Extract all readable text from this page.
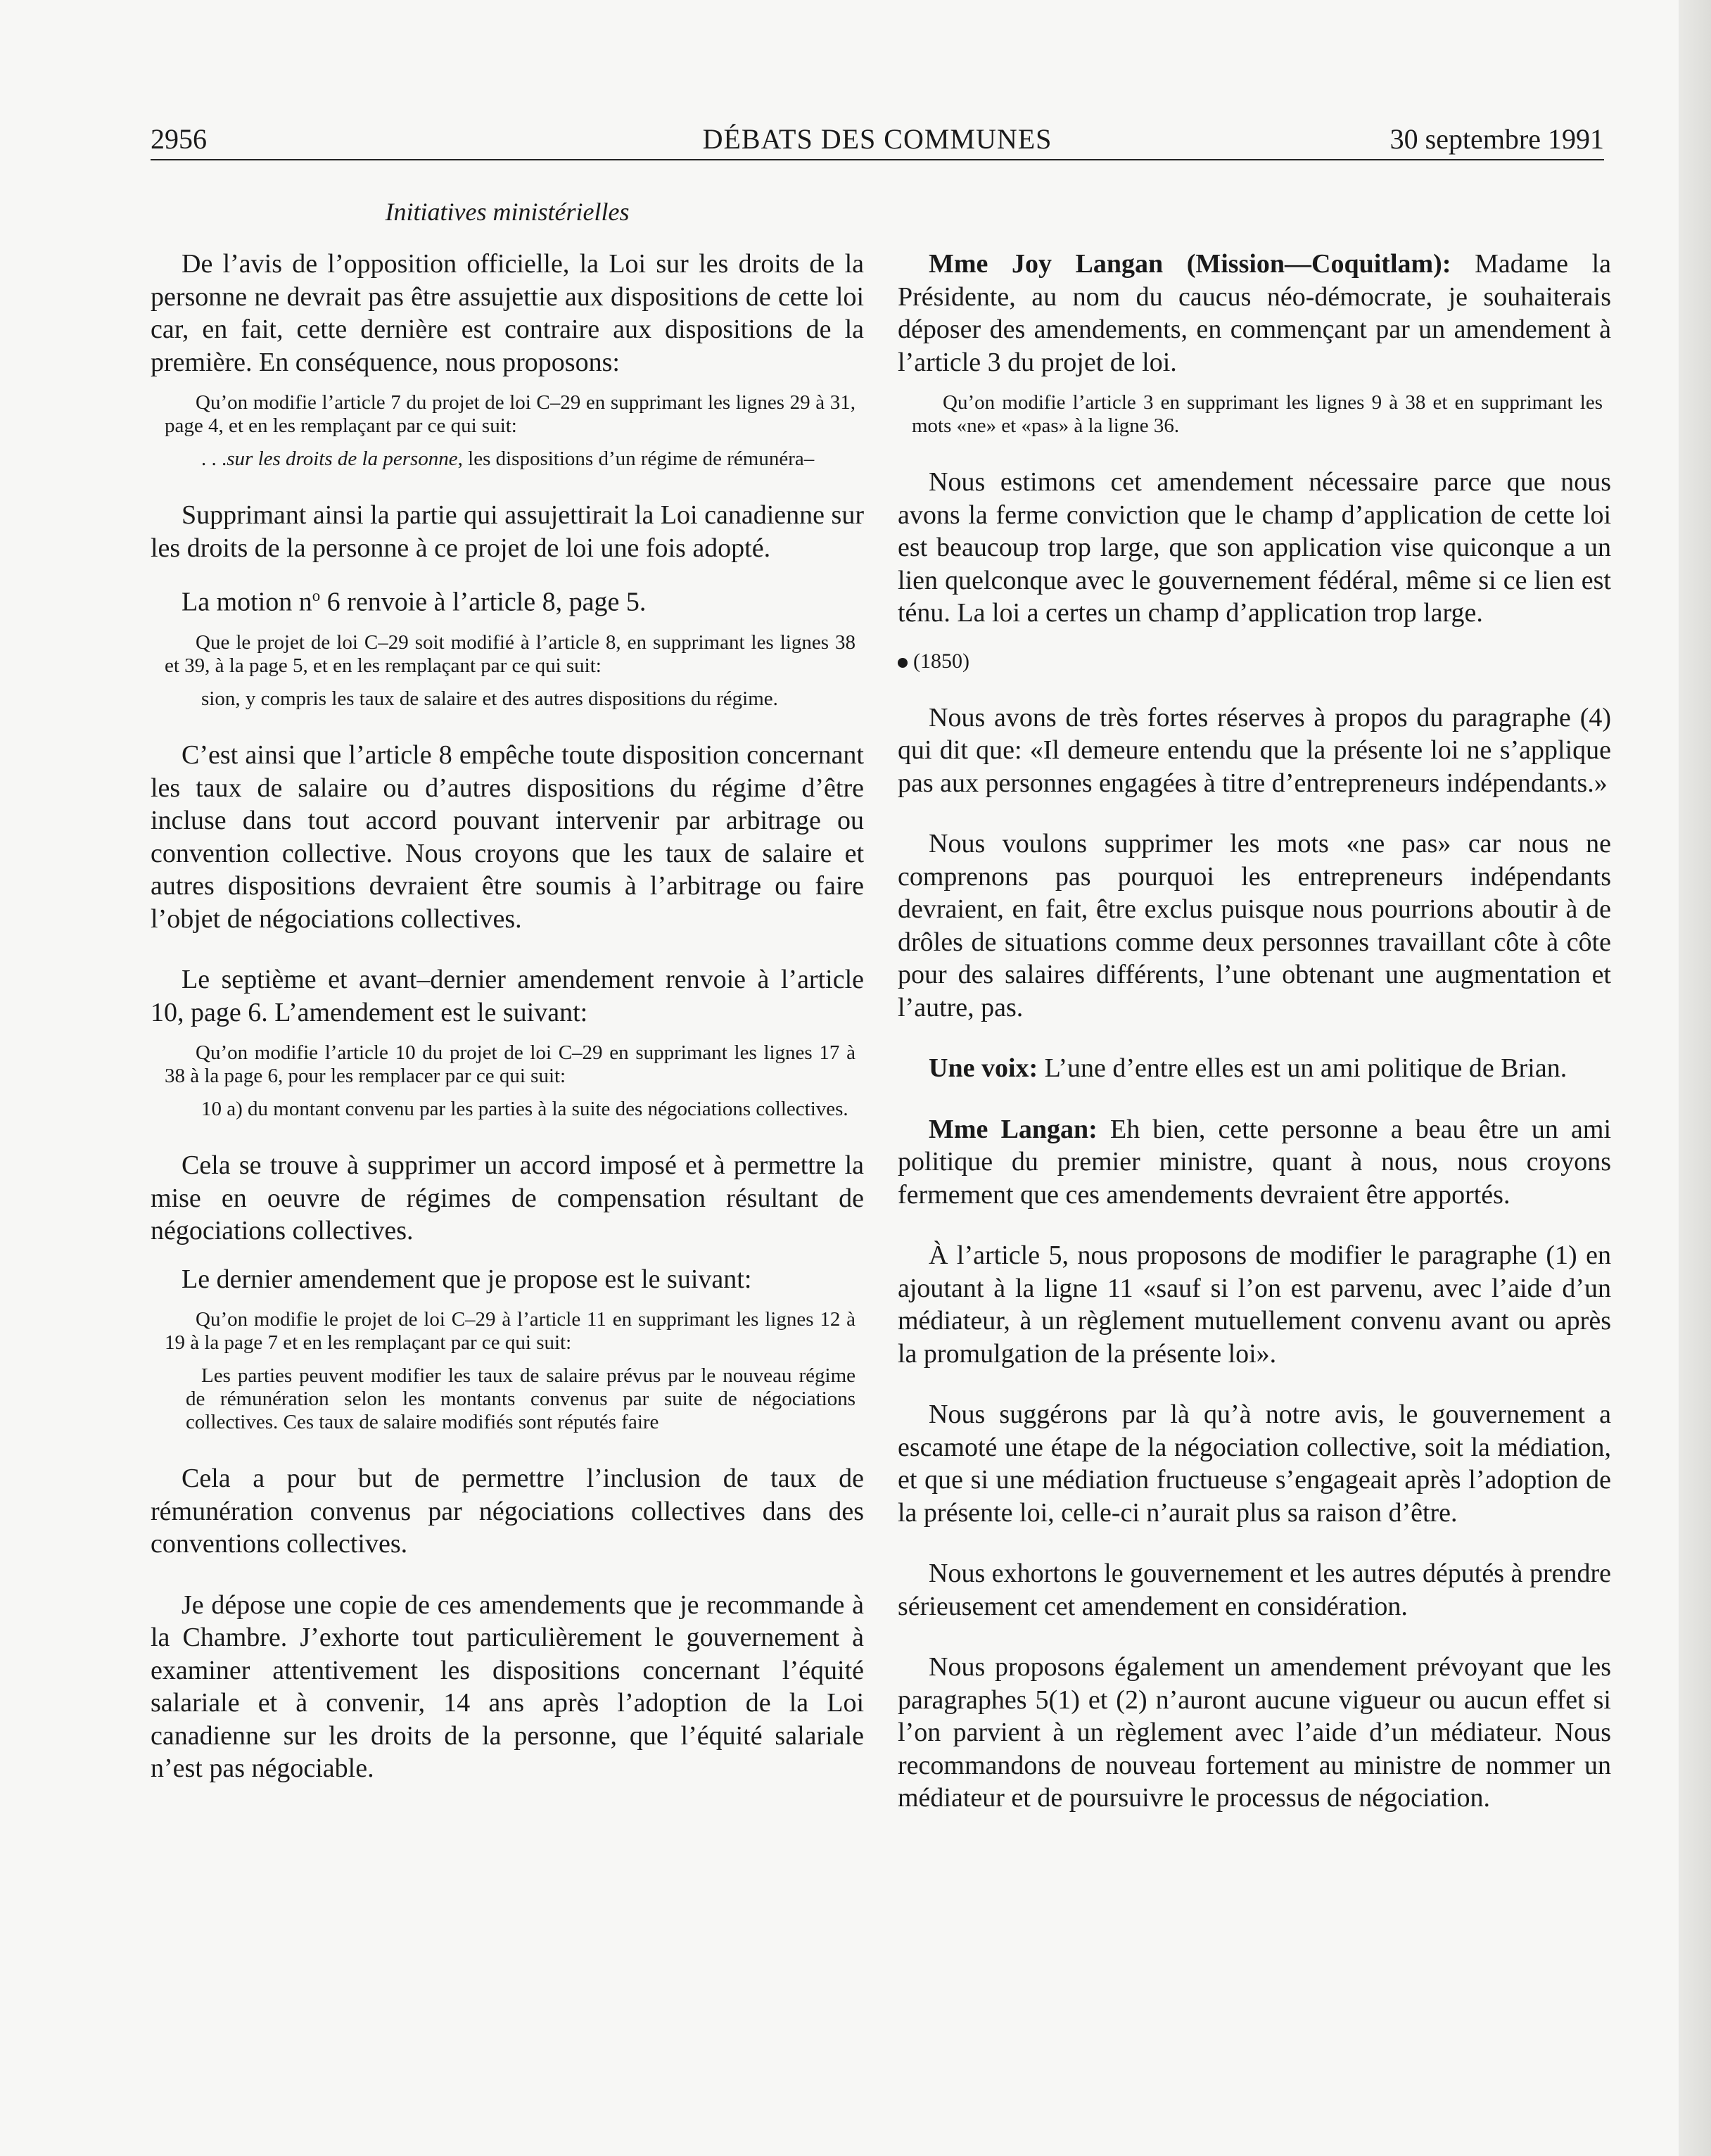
2956	DÉBATS DES COMMUNES	30 septembre 1991
Initiatives ministérielles

De l’avis de l’opposition officielle, la Loi sur les droits de la personne ne devrait pas être assujettie aux dispositions de cette loi car, en fait, cette dernière est contraire aux dispositions de la première. En conséquence, nous proposons:

Qu’on modifie l’article 7 du projet de loi C–29 en supprimant les lignes 29 à 31, page 4, et en les remplaçant par ce qui suit:

. . .sur les droits de la personne, les dispositions d’un régime de rémunéra–

Supprimant ainsi la partie qui assujettirait la Loi canadienne sur les droits de la personne à ce projet de loi une fois adopté.

La motion $n^o$ 6 renvoie à l’article 8, page 5.

Que le projet de loi C–29 soit modifié à l’article 8, en supprimant les lignes 38 et 39, à la page 5, et en les remplaçant par ce qui suit:

sion, y compris les taux de salaire et des autres dispositions du régime.

C’est ainsi que l’article 8 empêche toute disposition concernant les taux de salaire ou d’autres dispositions du régime d’être incluse dans tout accord pouvant intervenir par arbitrage ou convention collective. Nous croyons que les taux de salaire et autres dispositions devraient être soumis à l’arbitrage ou faire l’objet de négociations collectives.

Le septième et avant–dernier amendement renvoie à l’article 10, page 6. L’amendement est le suivant:

Qu’on modifie l’article 10 du projet de loi C–29 en supprimant les lignes 17 à 38 à la page 6, pour les remplacer par ce qui suit:

10 a) du montant convenu par les parties à la suite des négociations collectives.

Cela se trouve à supprimer un accord imposé et à permettre la mise en oeuvre de régimes de compensation résultant de négociations collectives.

Le dernier amendement que je propose est le suivant:

Qu’on modifie le projet de loi C–29 à l’article 11 en supprimant les lignes 12 à 19 à la page 7 et en les remplaçant par ce qui suit:

Les parties peuvent modifier les taux de salaire prévus par le nouveau régime de rémunération selon les montants convenus par suite de négociations collectives. Ces taux de salaire modifiés sont réputés faire

Cela a pour but de permettre l’inclusion de taux de rémunération convenus par négociations collectives dans des conventions collectives.

Je dépose une copie de ces amendements que je recommande à la Chambre. J’exhorte tout particulièrement le gouvernement à examiner attentivement les dispositions concernant l’équité salariale et à convenir, 14 ans après l’adoption de la Loi canadienne sur les droits de la personne, que l’équité salariale n’est pas négociable.

Mme Joy Langan (Mission—Coquitlam): Madame la Présidente, au nom du caucus néo-démocrate, je souhaiterais déposer des amendements, en commençant par un amendement à l’article 3 du projet de loi.

Qu’on modifie l’article 3 en supprimant les lignes 9 à 38 et en supprimant les mots «ne» et «pas» à la ligne 36.

Nous estimons cet amendement nécessaire parce que nous avons la ferme conviction que le champ d’application de cette loi est beaucoup trop large, que son application vise quiconque a un lien quelconque avec le gouvernement fédéral, même si ce lien est ténu. La loi a certes un champ d’application trop large.

(1850)

Nous avons de très fortes réserves à propos du paragraphe (4) qui dit que: «Il demeure entendu que la présente loi ne s’applique pas aux personnes engagées à titre d’entrepreneurs indépendants.»

Nous voulons supprimer les mots «ne pas» car nous ne comprenons pas pourquoi les entrepreneurs indépendants devraient, en fait, être exclus puisque nous pourrions aboutir à de drôles de situations comme deux personnes travaillant côte à côte pour des salaires différents, l’une obtenant une augmentation et l’autre, pas.

Une voix: L’une d’entre elles est un ami politique de Brian.

Mme Langan: Eh bien, cette personne a beau être un ami politique du premier ministre, quant à nous, nous croyons fermement que ces amendements devraient être apportés.

À l’article 5, nous proposons de modifier le paragraphe (1) en ajoutant à la ligne 11 «sauf si l’on est parvenu, avec l’aide d’un médiateur, à un règlement mutuellement convenu avant ou après la promulgation de la présente loi».

Nous suggérons par là qu’à notre avis, le gouvernement a escamoté une étape de la négociation collective, soit la médiation, et que si une médiation fructueuse s’engageait après l’adoption de la présente loi, celle-ci n’aurait plus sa raison d’être.

Nous exhortons le gouvernement et les autres députés à prendre sérieusement cet amendement en considération.

Nous proposons également un amendement prévoyant que les paragraphes 5(1) et (2) n’auront aucune vigueur ou aucun effet si l’on parvient à un règlement avec l’aide d’un médiateur. Nous recommandons de nouveau fortement au ministre de nommer un médiateur et de poursuivre le processus de négociation.
